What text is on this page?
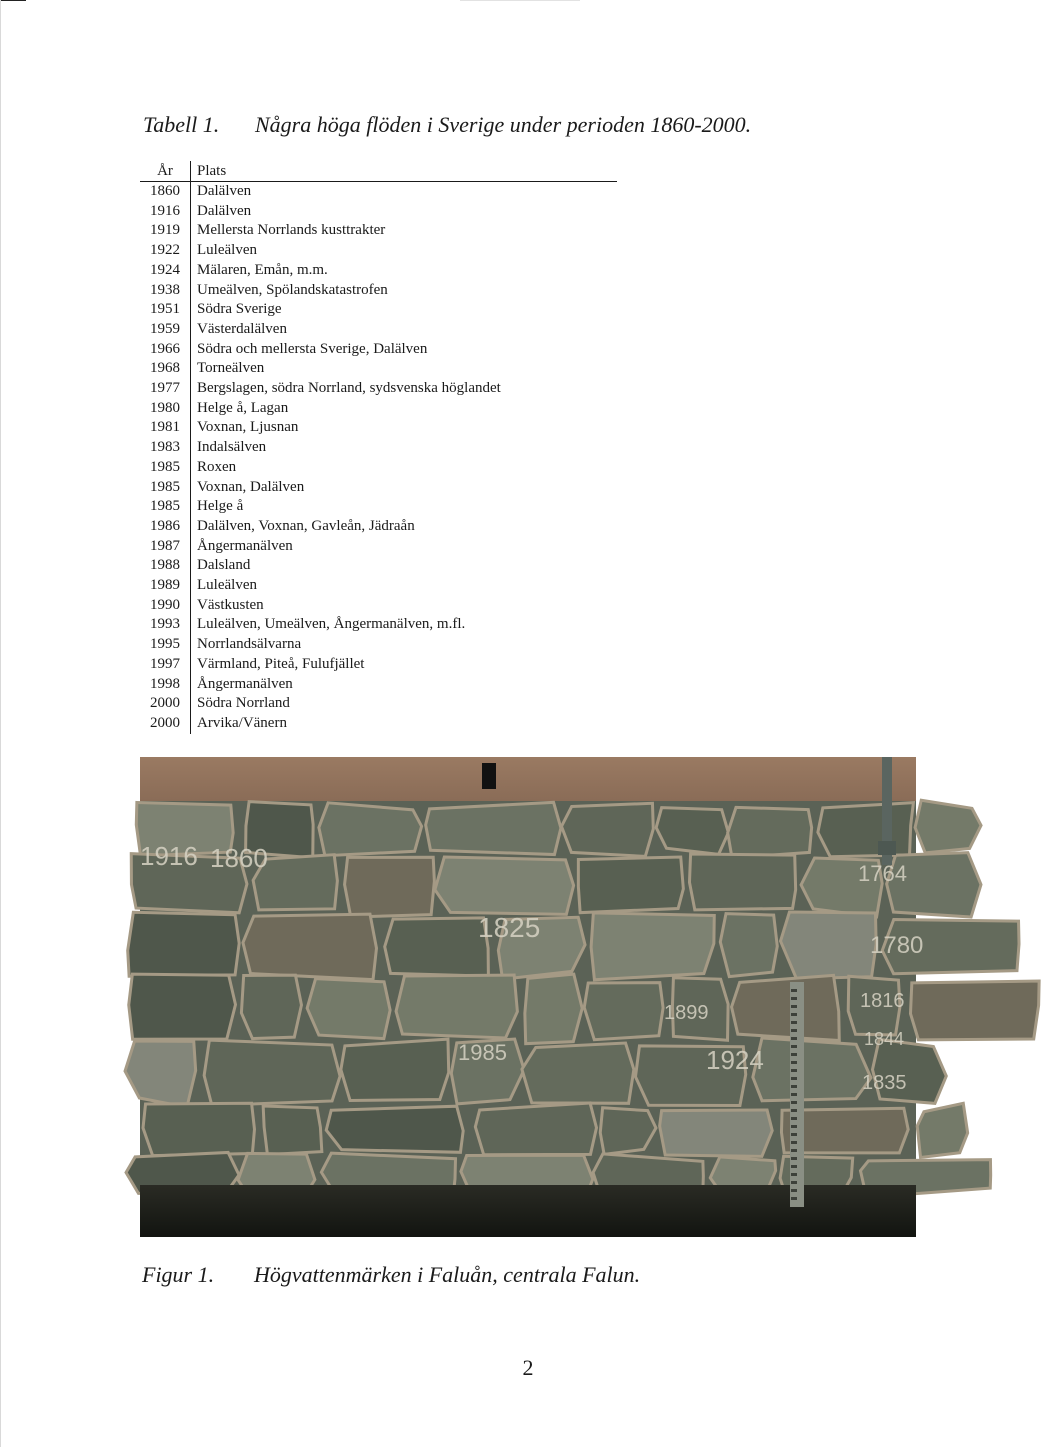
Tabell 1. Några höga flöden i Sverige under perioden 1860-2000.
År	Plats
1860	Dalälven
1916	Dalälven
1919	Mellersta Norrlands kusttrakter
1922	Luleälven
1924	Mälaren, Emån, m.m.
1938	Umeälven, Spölandskatastrofen
1951	Södra Sverige
1959	Västerdalälven
1966	Södra och mellersta Sverige, Dalälven
1968	Torneälven
1977	Bergslagen, södra Norrland, sydsvenska höglandet
1980	Helge å, Lagan
1981	Voxnan, Ljusnan
1983	Indalsälven
1985	Roxen
1985	Voxnan, Dalälven
1985	Helge å
1986	Dalälven, Voxnan, Gavleån, Jädraån
1987	Ångermanälven
1988	Dalsland
1989	Luleälven
1990	Västkusten
1993	Luleälven, Umeälven, Ångermanälven, m.fl.
1995	Norrlandsälvarna
1997	Värmland, Piteå, Fulufjället
1998	Ångermanälven
2000	Södra Norrland
2000	Arvika/Vänern
1916 1860
1825
1899
1985	1924
1764
1780
1816
1844
1835
Figur 1. Högvattenmärken i Faluån, centrala Falun.
2
